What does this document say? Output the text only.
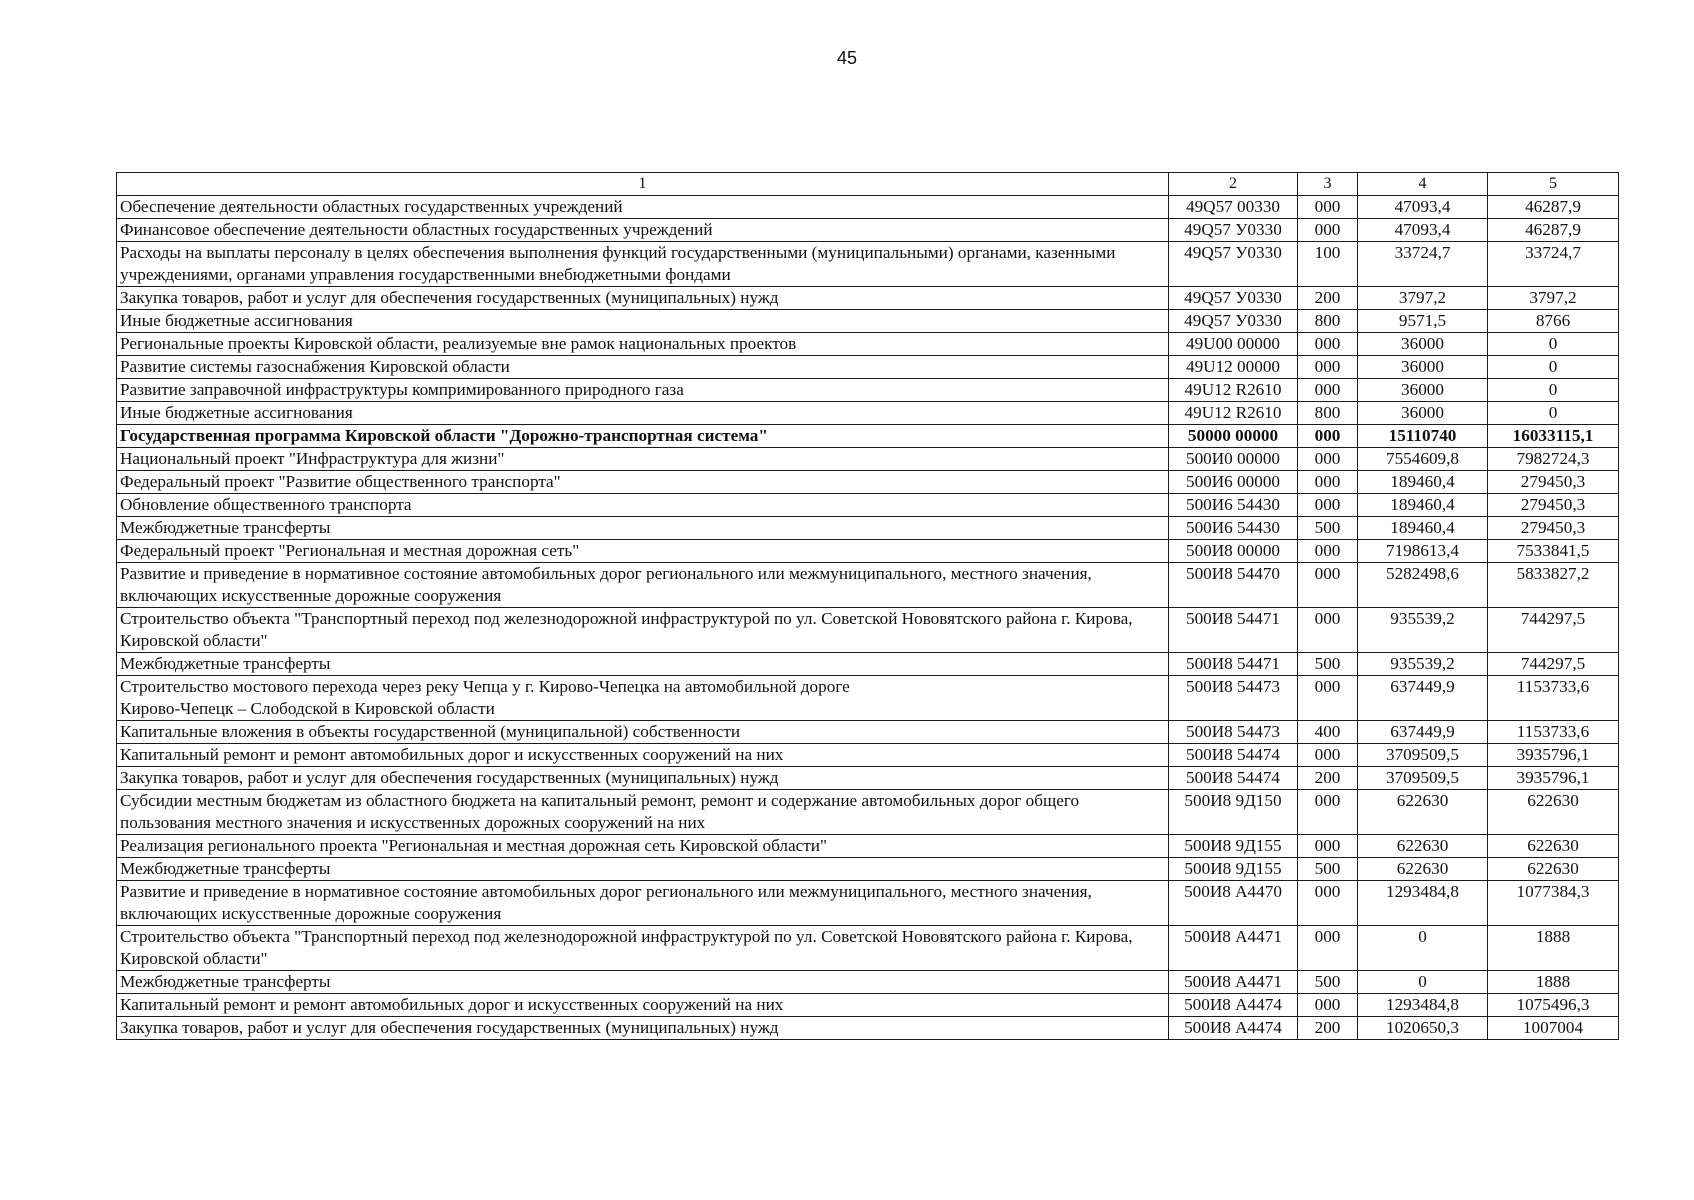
45
1	2	3	4	5
Обеспечение деятельности областных государственных учреждений	49Q57 00330	000	47093,4	46287,9
Финансовое обеспечение деятельности областных государственных учреждений	49Q57 У0330	000	47093,4	46287,9
Расходы на выплаты персоналу в целях обеспечения выполнения функций государственными (муниципальными) органами, казенными учреждениями, органами управления государственными внебюджетными фондами	49Q57 У0330	100	33724,7	33724,7
Закупка товаров, работ и услуг для обеспечения государственных (муниципальных) нужд	49Q57 У0330	200	3797,2	3797,2
Иные бюджетные ассигнования	49Q57 У0330	800	9571,5	8766
Региональные проекты Кировской области, реализуемые вне рамок национальных проектов	49U00 00000	000	36000	0
Развитие системы газоснабжения Кировской области	49U12 00000	000	36000	0
Развитие заправочной инфраструктуры компримированного природного газа	49U12 R2610	000	36000	0
Иные бюджетные ассигнования	49U12 R2610	800	36000	0
Государственная программа Кировской области "Дорожно-транспортная система"	50000 00000	000	15110740	16033115,1
Национальный проект "Инфраструктура для жизни"	500И0 00000	000	7554609,8	7982724,3
Федеральный проект "Развитие общественного транспорта"	500И6 00000	000	189460,4	279450,3
Обновление общественного транспорта	500И6 54430	000	189460,4	279450,3
Межбюджетные трансферты	500И6 54430	500	189460,4	279450,3
Федеральный проект "Региональная и местная дорожная сеть"	500И8 00000	000	7198613,4	7533841,5
Развитие и приведение в нормативное состояние автомобильных дорог регионального или межмуниципального, местного значения, включающих искусственные дорожные сооружения	500И8 54470	000	5282498,6	5833827,2
Строительство объекта "Транспортный переход под железнодорожной инфраструктурой по ул. Советской Нововятского района г. Кирова, Кировской области"	500И8 54471	000	935539,2	744297,5
Межбюджетные трансферты	500И8 54471	500	935539,2	744297,5
Строительство мостового перехода через реку Чепца у г. Кирово-Чепецка на автомобильной дороге
Кирово-Чепецк – Слободской в Кировской области	500И8 54473	000	637449,9	1153733,6
Капитальные вложения в объекты государственной (муниципальной) собственности	500И8 54473	400	637449,9	1153733,6
Капитальный ремонт и ремонт автомобильных дорог и искусственных сооружений на них	500И8 54474	000	3709509,5	3935796,1
Закупка товаров, работ и услуг для обеспечения государственных (муниципальных) нужд	500И8 54474	200	3709509,5	3935796,1
Субсидии местным бюджетам из областного бюджета на капитальный ремонт, ремонт и содержание автомобильных дорог общего пользования местного значения и искусственных дорожных сооружений на них	500И8 9Д150	000	622630	622630
Реализация регионального проекта "Региональная и местная дорожная сеть Кировской области"	500И8 9Д155	000	622630	622630
Межбюджетные трансферты	500И8 9Д155	500	622630	622630
Развитие и приведение в нормативное состояние автомобильных дорог регионального или межмуниципального, местного значения, включающих искусственные дорожные сооружения	500И8 А4470	000	1293484,8	1077384,3
Строительство объекта "Транспортный переход под железнодорожной инфраструктурой по ул. Советской Нововятского района г. Кирова, Кировской области"	500И8 А4471	000	0	1888
Межбюджетные трансферты	500И8 А4471	500	0	1888
Капитальный ремонт и ремонт автомобильных дорог и искусственных сооружений на них	500И8 А4474	000	1293484,8	1075496,3
Закупка товаров, работ и услуг для обеспечения государственных (муниципальных) нужд	500И8 А4474	200	1020650,3	1007004
